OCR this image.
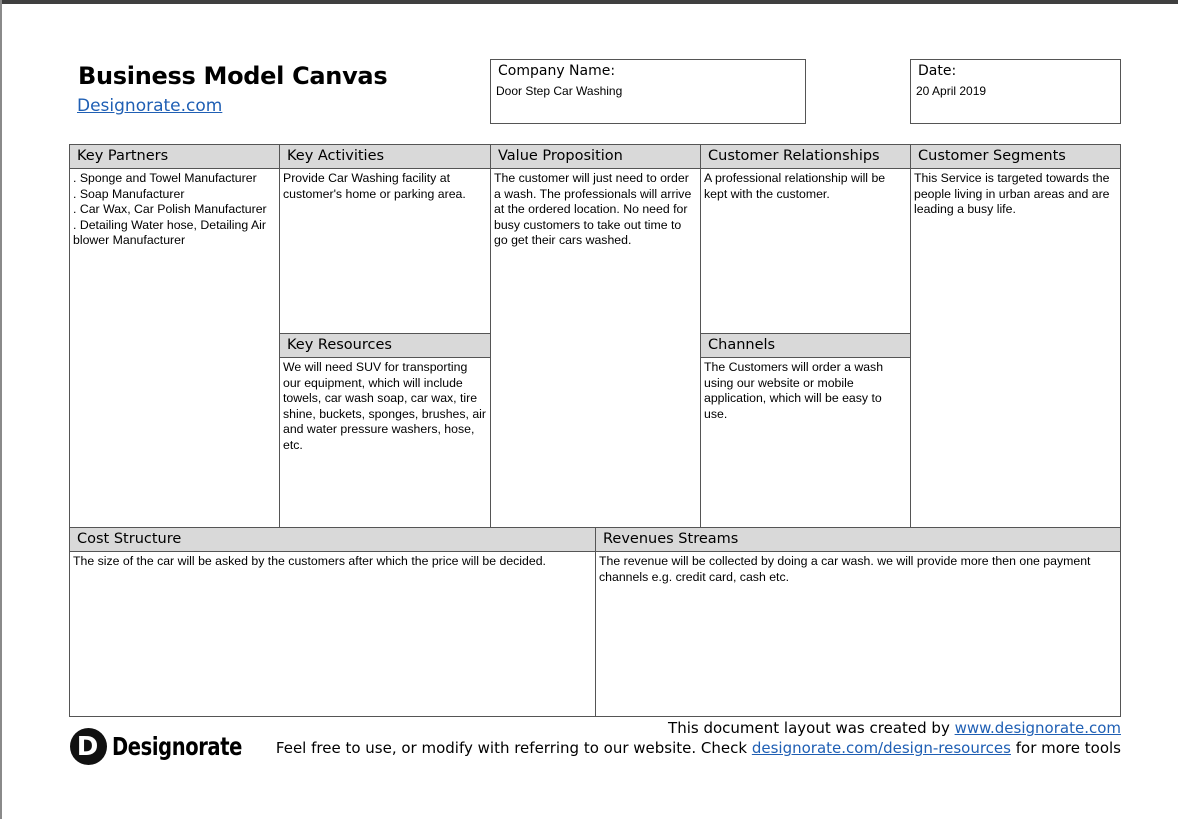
Business Model Canvas
Designorate.com
Company Name:
Door Step Car Washing
Date:
20 April 2019
Key Partners
. Sponge and Towel Manufacturer
. Soap Manufacturer
. Car Wax, Car Polish Manufacturer
. Detailing Water hose, Detailing Air blower Manufacturer
Key Activities
Provide Car Washing facility at customer's home or parking area.
Key Resources
We will need SUV for transporting our equipment, which will include towels, car wash soap, car wax, tire shine, buckets, sponges, brushes, air and water pressure washers, hose, etc.
Value Proposition
The customer will just need to order a wash. The professionals will arrive at the ordered location. No need for busy customers to take out time to go get their cars washed.
Customer Relationships
A professional relationship will be kept with the customer.
Channels
The Customers will order a wash using our website or mobile application, which will be easy to use.
Customer Segments
This Service is targeted towards the people living in urban areas and are leading a busy life.
Cost Structure
The size of the car will be asked by the customers after which the price will be decided.
Revenues Streams
The revenue will be collected by doing a car wash. we will provide more then one payment channels e.g. credit card, cash etc.
D Designorate
This document layout was created by www.designorate.com
Feel free to use, or modify with referring to our website. Check designorate.com/design-resources for more tools
